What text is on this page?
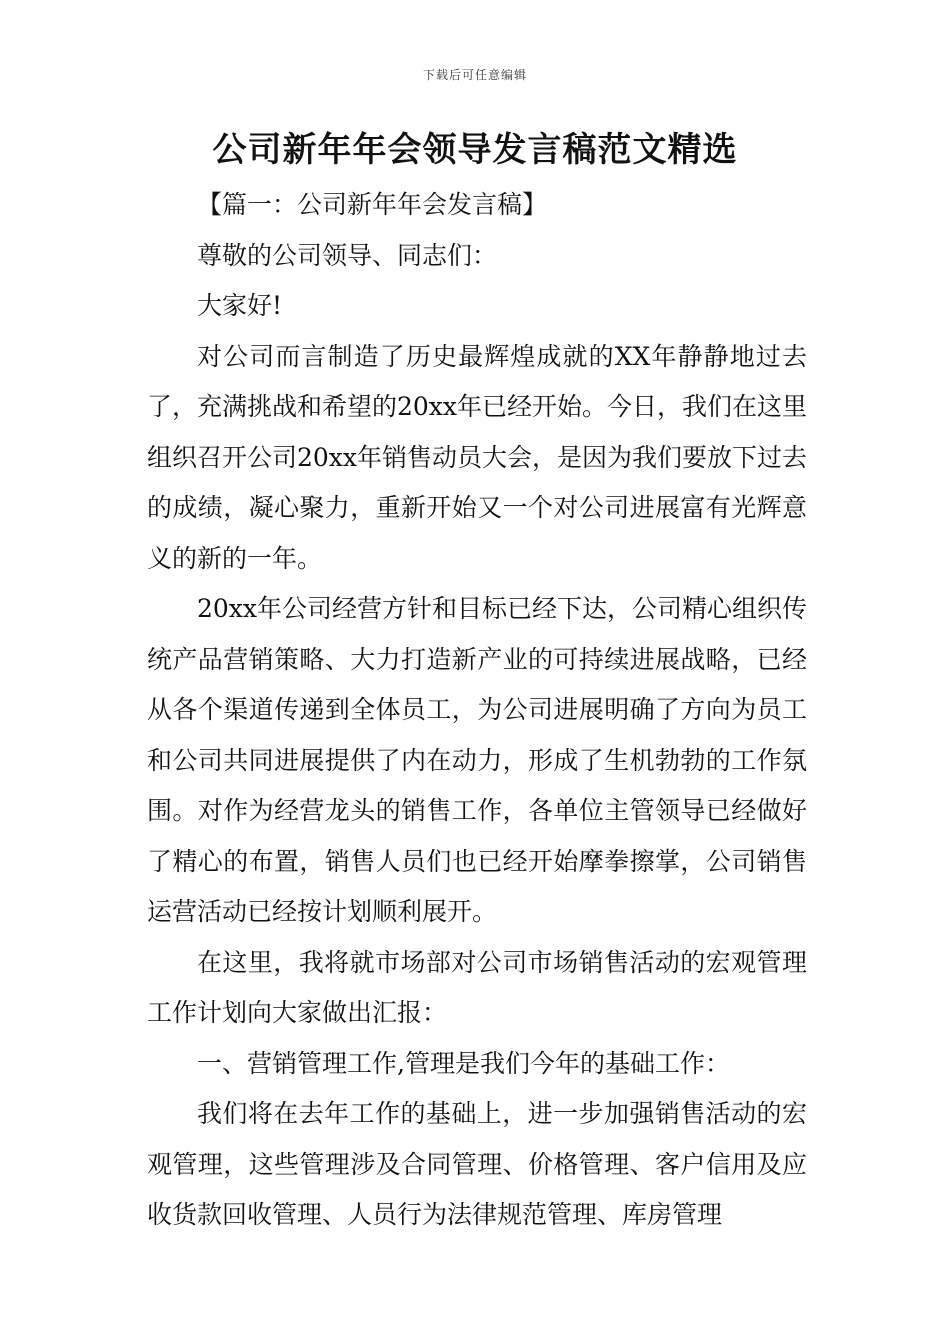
下载后可任意编辑
公司新年年会领导发言稿范文精选

【篇一：公司新年年会发言稿】

尊敬的公司领导、同志们：

大家好!

对公司而言制造了历史最辉煌成就的XX年静静地过去了，充满挑战和希望的20xx年已经开始。今日，我们在这里组织召开公司20xx年销售动员大会，是因为我们要放下过去的成绩，凝心聚力，重新开始又一个对公司进展富有光辉意义的新的一年。

20xx年公司经营方针和目标已经下达，公司精心组织传统产品营销策略、大力打造新产业的可持续进展战略，已经从各个渠道传递到全体员工，为公司进展明确了方向为员工和公司共同进展提供了内在动力，形成了生机勃勃的工作氛围。对作为经营龙头的销售工作，各单位主管领导已经做好了精心的布置，销售人员们也已经开始摩拳擦掌，公司销售运营活动已经按计划顺利展开。

在这里，我将就市场部对公司市场销售活动的宏观管理工作计划向大家做出汇报：

一、营销管理工作,管理是我们今年的基础工作：

我们将在去年工作的基础上，进一步加强销售活动的宏观管理，这些管理涉及合同管理、价格管理、客户信用及应收货款回收管理、人员行为法律规范管理、库房管理
